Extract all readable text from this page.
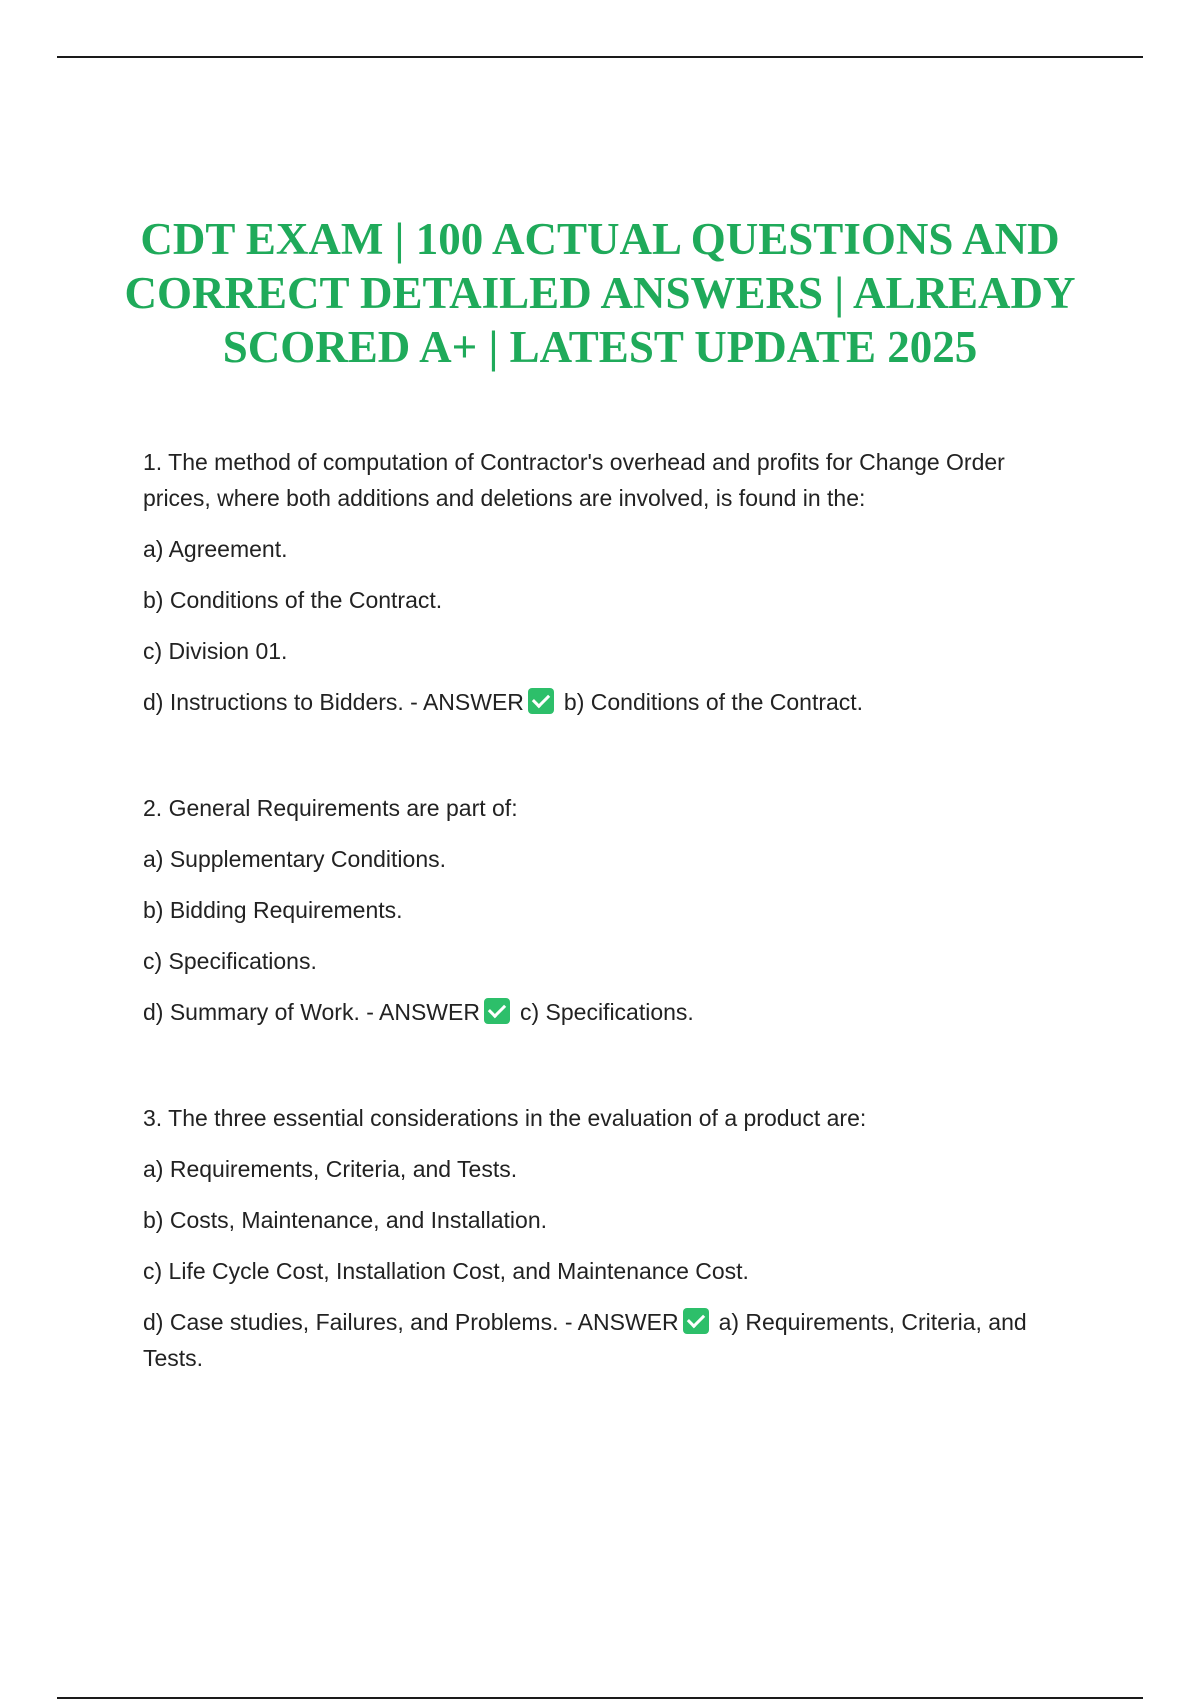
CDT EXAM | 100 ACTUAL QUESTIONS AND CORRECT DETAILED ANSWERS | ALREADY SCORED A+ | LATEST UPDATE 2025

1. The method of computation of Contractor's overhead and profits for Change Order prices, where both additions and deletions are involved, is found in the:

a) Agreement.
b) Conditions of the Contract.
c) Division 01.
d) Instructions to Bidders. - ANSWER b) Conditions of the Contract.

2. General Requirements are part of:

a) Supplementary Conditions.
b) Bidding Requirements.
c) Specifications.
d) Summary of Work. - ANSWER c) Specifications.

3. The three essential considerations in the evaluation of a product are:

a) Requirements, Criteria, and Tests.
b) Costs, Maintenance, and Installation.
c) Life Cycle Cost, Installation Cost, and Maintenance Cost.
d) Case studies, Failures, and Problems. - ANSWER a) Requirements, Criteria, and Tests.
